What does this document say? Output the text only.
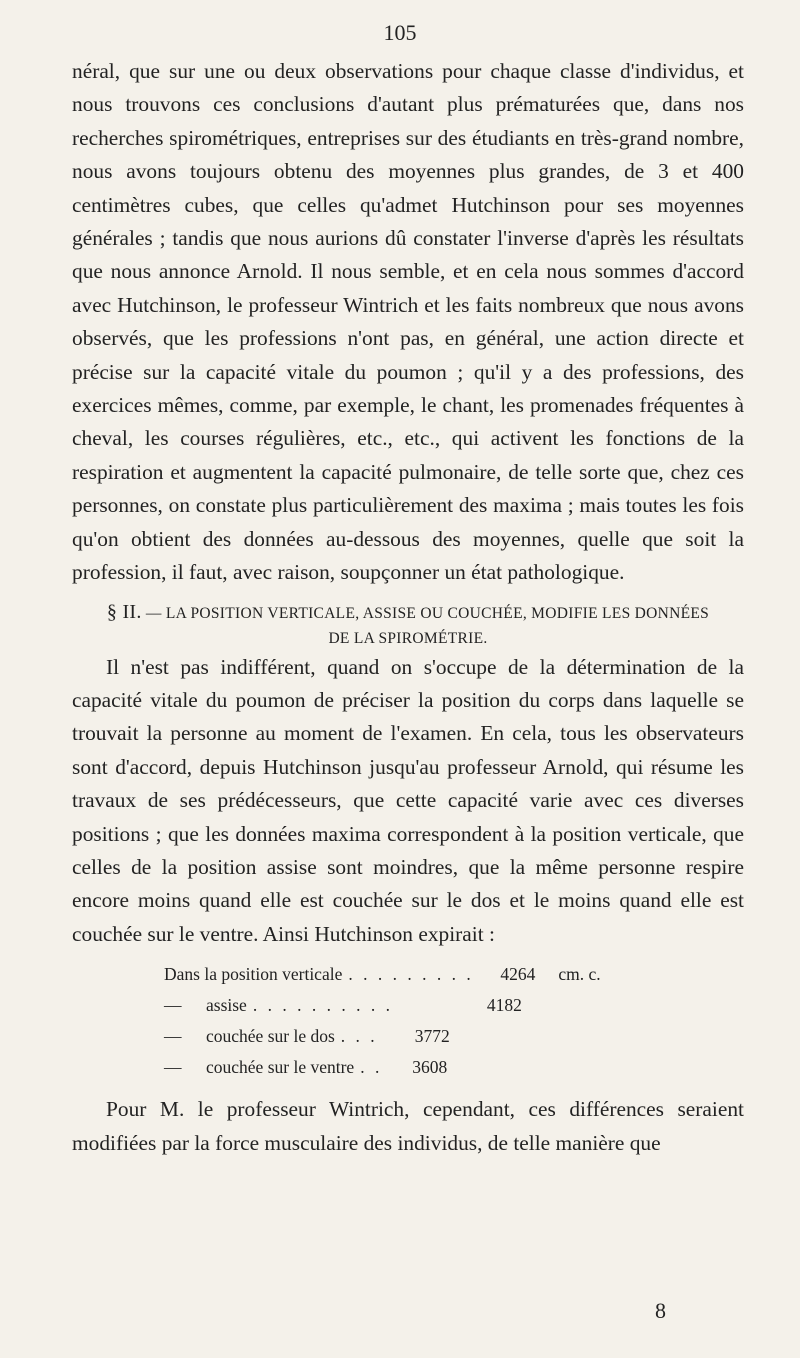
105

néral, que sur une ou deux observations pour chaque classe d'individus, et nous trouvons ces conclusions d'autant plus prématurées que, dans nos recherches spirométriques, entreprises sur des étudiants en très-grand nombre, nous avons toujours obtenu des moyennes plus grandes, de 3 et 400 centimètres cubes, que celles qu'admet Hutchinson pour ses moyennes générales ; tandis que nous aurions dû constater l'inverse d'après les résultats que nous annonce Arnold. Il nous semble, et en cela nous sommes d'accord avec Hutchinson, le professeur Wintrich et les faits nombreux que nous avons observés, que les professions n'ont pas, en général, une action directe et précise sur la capacité vitale du poumon ; qu'il y a des professions, des exercices mêmes, comme, par exemple, le chant, les promenades fréquentes à cheval, les courses régulières, etc., etc., qui activent les fonctions de la respiration et augmentent la capacité pulmonaire, de telle sorte que, chez ces personnes, on constate plus particulièrement des maxima ; mais toutes les fois qu'on obtient des données au-dessous des moyennes, quelle que soit la profession, il faut, avec raison, soupçonner un état pathologique.

§ II. — LA POSITION VERTICALE, ASSISE OU COUCHÉE, MODIFIE LES DONNÉES
DE LA SPIROMÉTRIE.

Il n'est pas indifférent, quand on s'occupe de la détermination de la capacité vitale du poumon de préciser la position du corps dans laquelle se trouvait la personne au moment de l'examen. En cela, tous les observateurs sont d'accord, depuis Hutchinson jusqu'au professeur Arnold, qui résume les travaux de ses prédécesseurs, que cette capacité varie avec ces diverses positions ; que les données maxima correspondent à la position verticale, que celles de la position assise sont moindres, que la même personne respire encore moins quand elle est couchée sur le dos et le moins quand elle est couchée sur le ventre. Ainsi Hutchinson expirait :

Dans la position verticale . . . . . . . . .	4264	cm. c.
— assise . . . . . . . . . .	4182
— couchée sur le dos . . .	3772
— couchée sur le ventre . .	3608

Pour M. le professeur Wintrich, cependant, ces différences seraient modifiées par la force musculaire des individus, de telle manière que

8
